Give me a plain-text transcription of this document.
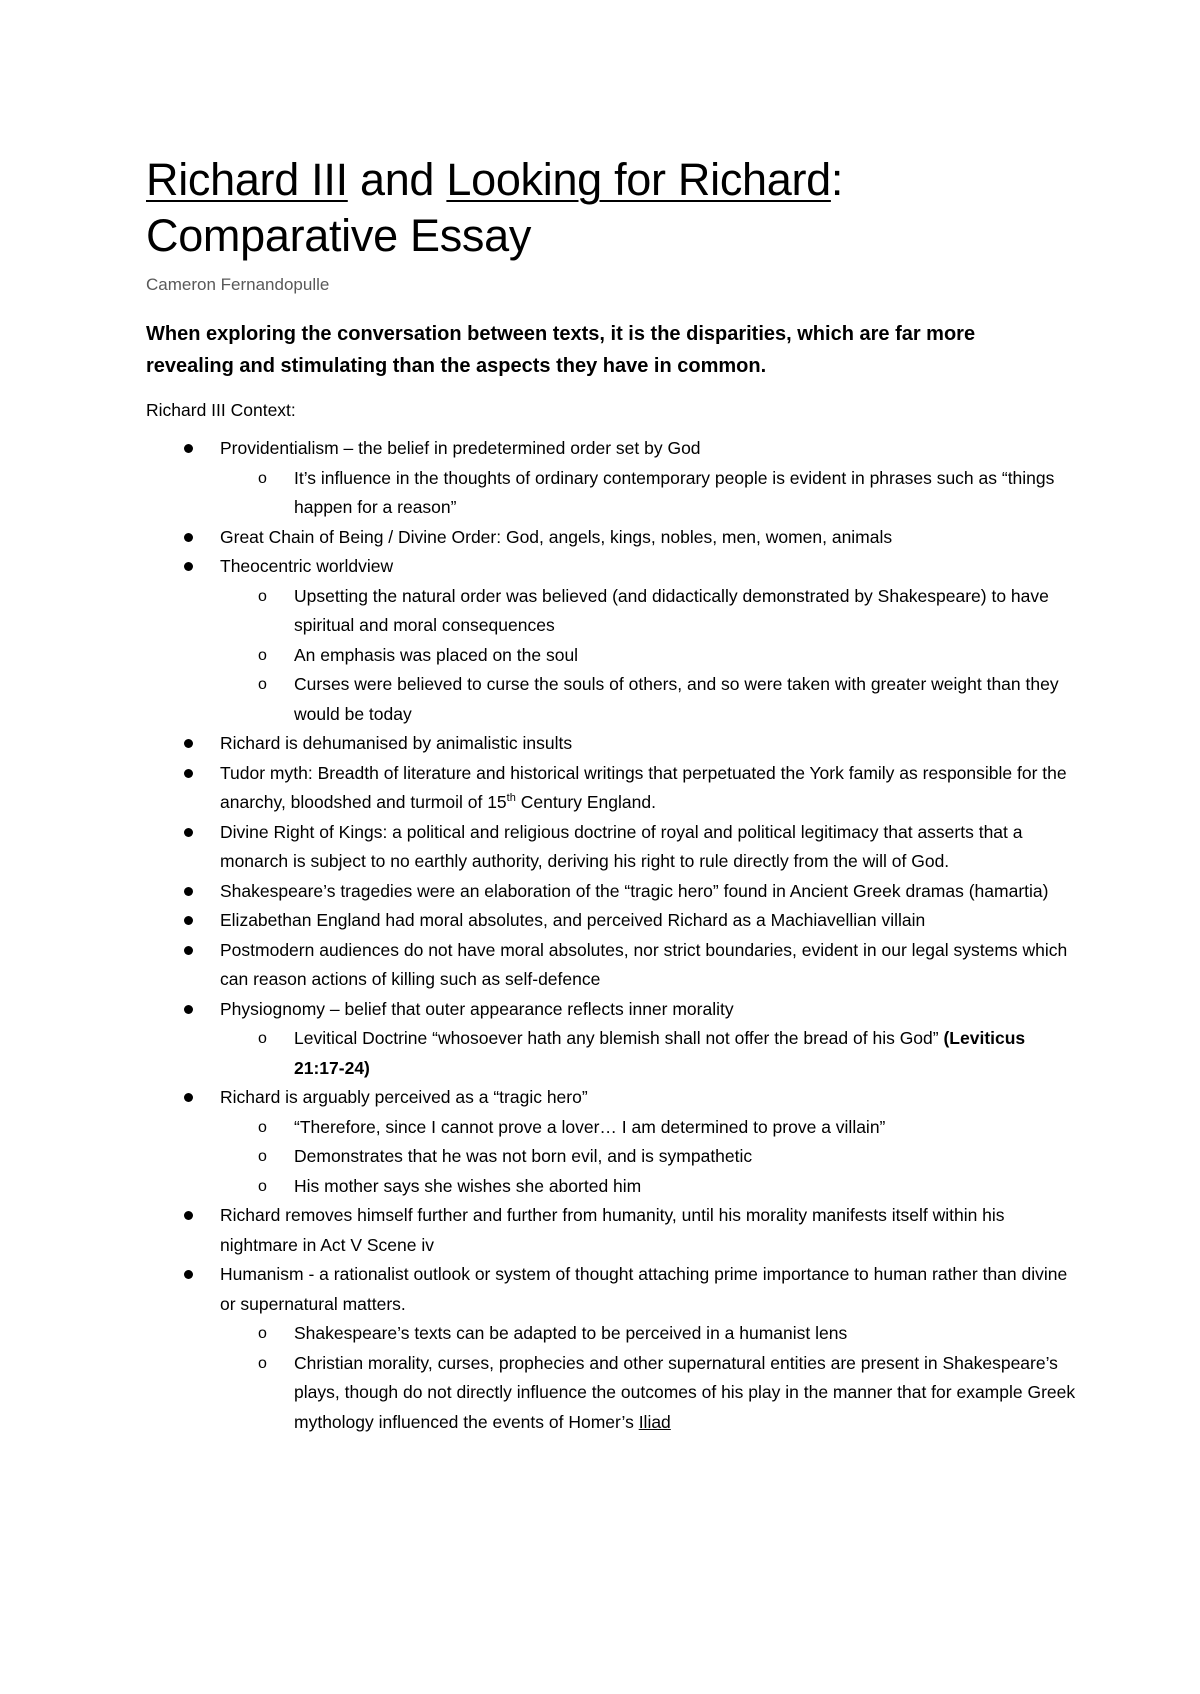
Richard III and Looking for Richard:
Comparative Essay

Cameron Fernandopulle

When exploring the conversation between texts, it is the disparities, which are far more revealing and stimulating than the aspects they have in common.

Richard III Context:

Providentialism – the belief in predetermined order set by God
o It’s influence in the thoughts of ordinary contemporary people is evident in phrases such as “things happen for a reason”
Great Chain of Being / Divine Order: God, angels, kings, nobles, men, women, animals
Theocentric worldview
o Upsetting the natural order was believed (and didactically demonstrated by Shakespeare) to have spiritual and moral consequences
o An emphasis was placed on the soul
o Curses were believed to curse the souls of others, and so were taken with greater weight than they would be today
Richard is dehumanised by animalistic insults
Tudor myth: Breadth of literature and historical writings that perpetuated the York family as responsible for the anarchy, bloodshed and turmoil of 15th Century England.
Divine Right of Kings: a political and religious doctrine of royal and political legitimacy that asserts that a monarch is subject to no earthly authority, deriving his right to rule directly from the will of God.
Shakespeare’s tragedies were an elaboration of the “tragic hero” found in Ancient Greek dramas (hamartia)
Elizabethan England had moral absolutes, and perceived Richard as a Machiavellian villain
Postmodern audiences do not have moral absolutes, nor strict boundaries, evident in our legal systems which can reason actions of killing such as self-defence
Physiognomy – belief that outer appearance reflects inner morality
o Levitical Doctrine “whosoever hath any blemish shall not offer the bread of his God” (Leviticus 21:17-24)
Richard is arguably perceived as a “tragic hero”
o “Therefore, since I cannot prove a lover… I am determined to prove a villain”
o Demonstrates that he was not born evil, and is sympathetic
o His mother says she wishes she aborted him
Richard removes himself further and further from humanity, until his morality manifests itself within his nightmare in Act V Scene iv
Humanism - a rationalist outlook or system of thought attaching prime importance to human rather than divine or supernatural matters.
o Shakespeare’s texts can be adapted to be perceived in a humanist lens
o Christian morality, curses, prophecies and other supernatural entities are present in Shakespeare’s plays, though do not directly influence the outcomes of his play in the manner that for example Greek mythology influenced the events of Homer’s Iliad
